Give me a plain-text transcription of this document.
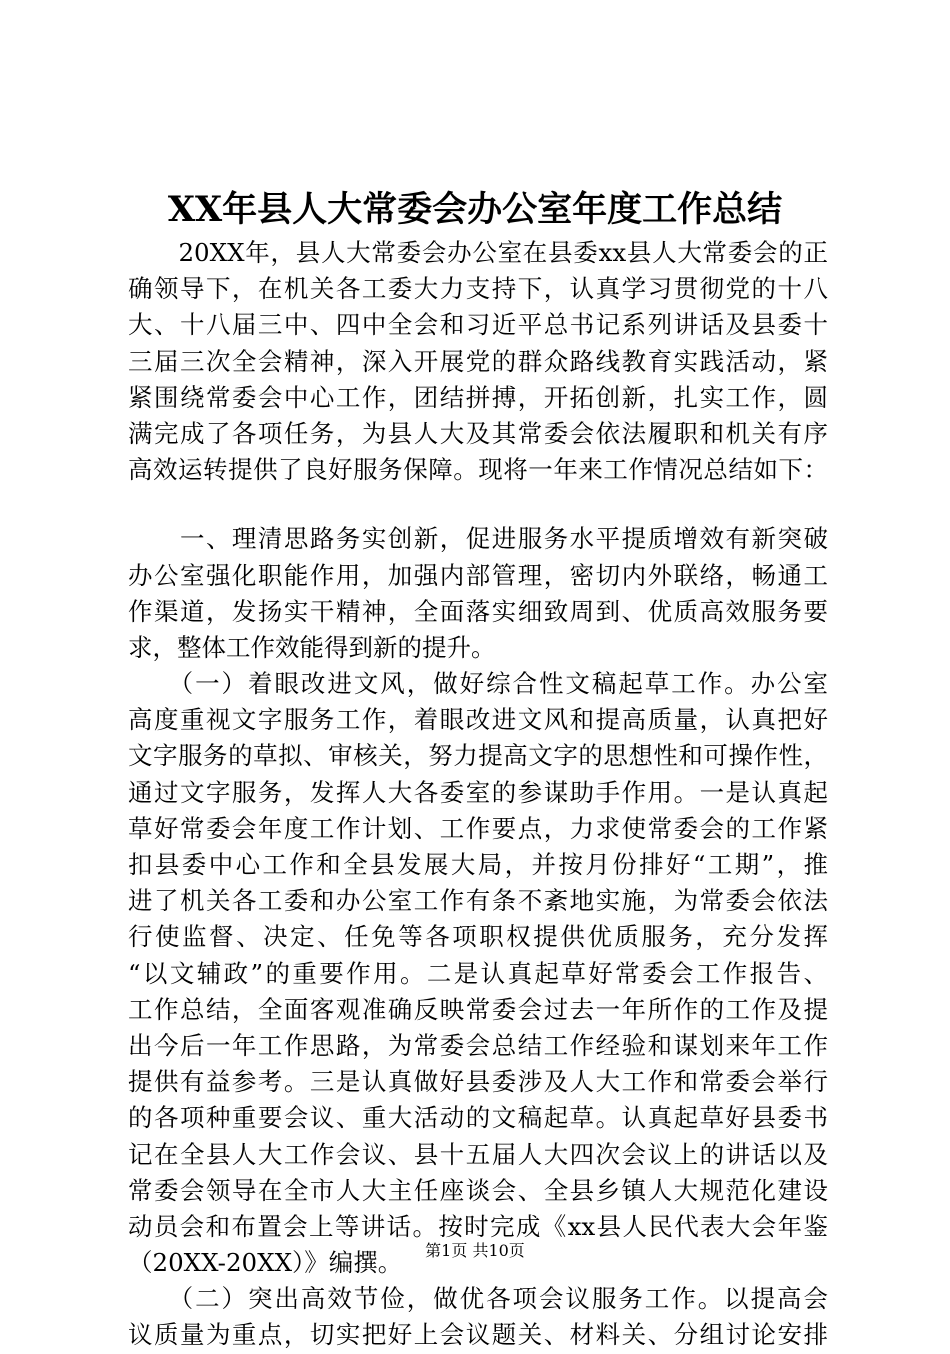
XX年县人大常委会办公室年度工作总结
　　20XX年，县人大常委会办公室在县委xx县人大常委会的正
确领导下，在机关各工委大力支持下，认真学习贯彻党的十八
大、十八届三中、四中全会和习近平总书记系列讲话及县委十
三届三次全会精神，深入开展党的群众路线教育实践活动，紧
紧围绕常委会中心工作，团结拼搏，开拓创新，扎实工作，圆
满完成了各项任务，为县人大及其常委会依法履职和机关有序
高效运转提供了良好服务保障。现将一年来工作情况总结如下：
　　一、理清思路务实创新，促进服务水平提质增效有新突破
办公室强化职能作用，加强内部管理，密切内外联络，畅通工
作渠道，发扬实干精神，全面落实细致周到、优质高效服务要
求，整体工作效能得到新的提升。
　　（一）着眼改进文风，做好综合性文稿起草工作。办公室
高度重视文字服务工作，着眼改进文风和提高质量，认真把好
文字服务的草拟、审核关，努力提高文字的思想性和可操作性，
通过文字服务，发挥人大各委室的参谋助手作用。一是认真起
草好常委会年度工作计划、工作要点，力求使常委会的工作紧
扣县委中心工作和全县发展大局，并按月份排好“工期”，推
进了机关各工委和办公室工作有条不紊地实施，为常委会依法
行使监督、决定、任免等各项职权提供优质服务，充分发挥
“以文辅政”的重要作用。二是认真起草好常委会工作报告、
工作总结，全面客观准确反映常委会过去一年所作的工作及提
出今后一年工作思路，为常委会总结工作经验和谋划来年工作
提供有益参考。三是认真做好县委涉及人大工作和常委会举行
的各项种重要会议、重大活动的文稿起草。认真起草好县委书
记在全县人大工作会议、县十五届人大四次会议上的讲话以及
常委会领导在全市人大主任座谈会、全县乡镇人大规范化建设
动员会和布置会上等讲话。按时完成《xx县人民代表大会年鉴
（20XX-20XX）》编撰。
　　（二）突出高效节俭，做优各项会议服务工作。以提高会
议质量为重点，切实把好上会议题关、材料关、分组讨论安排
第1页 共10页
